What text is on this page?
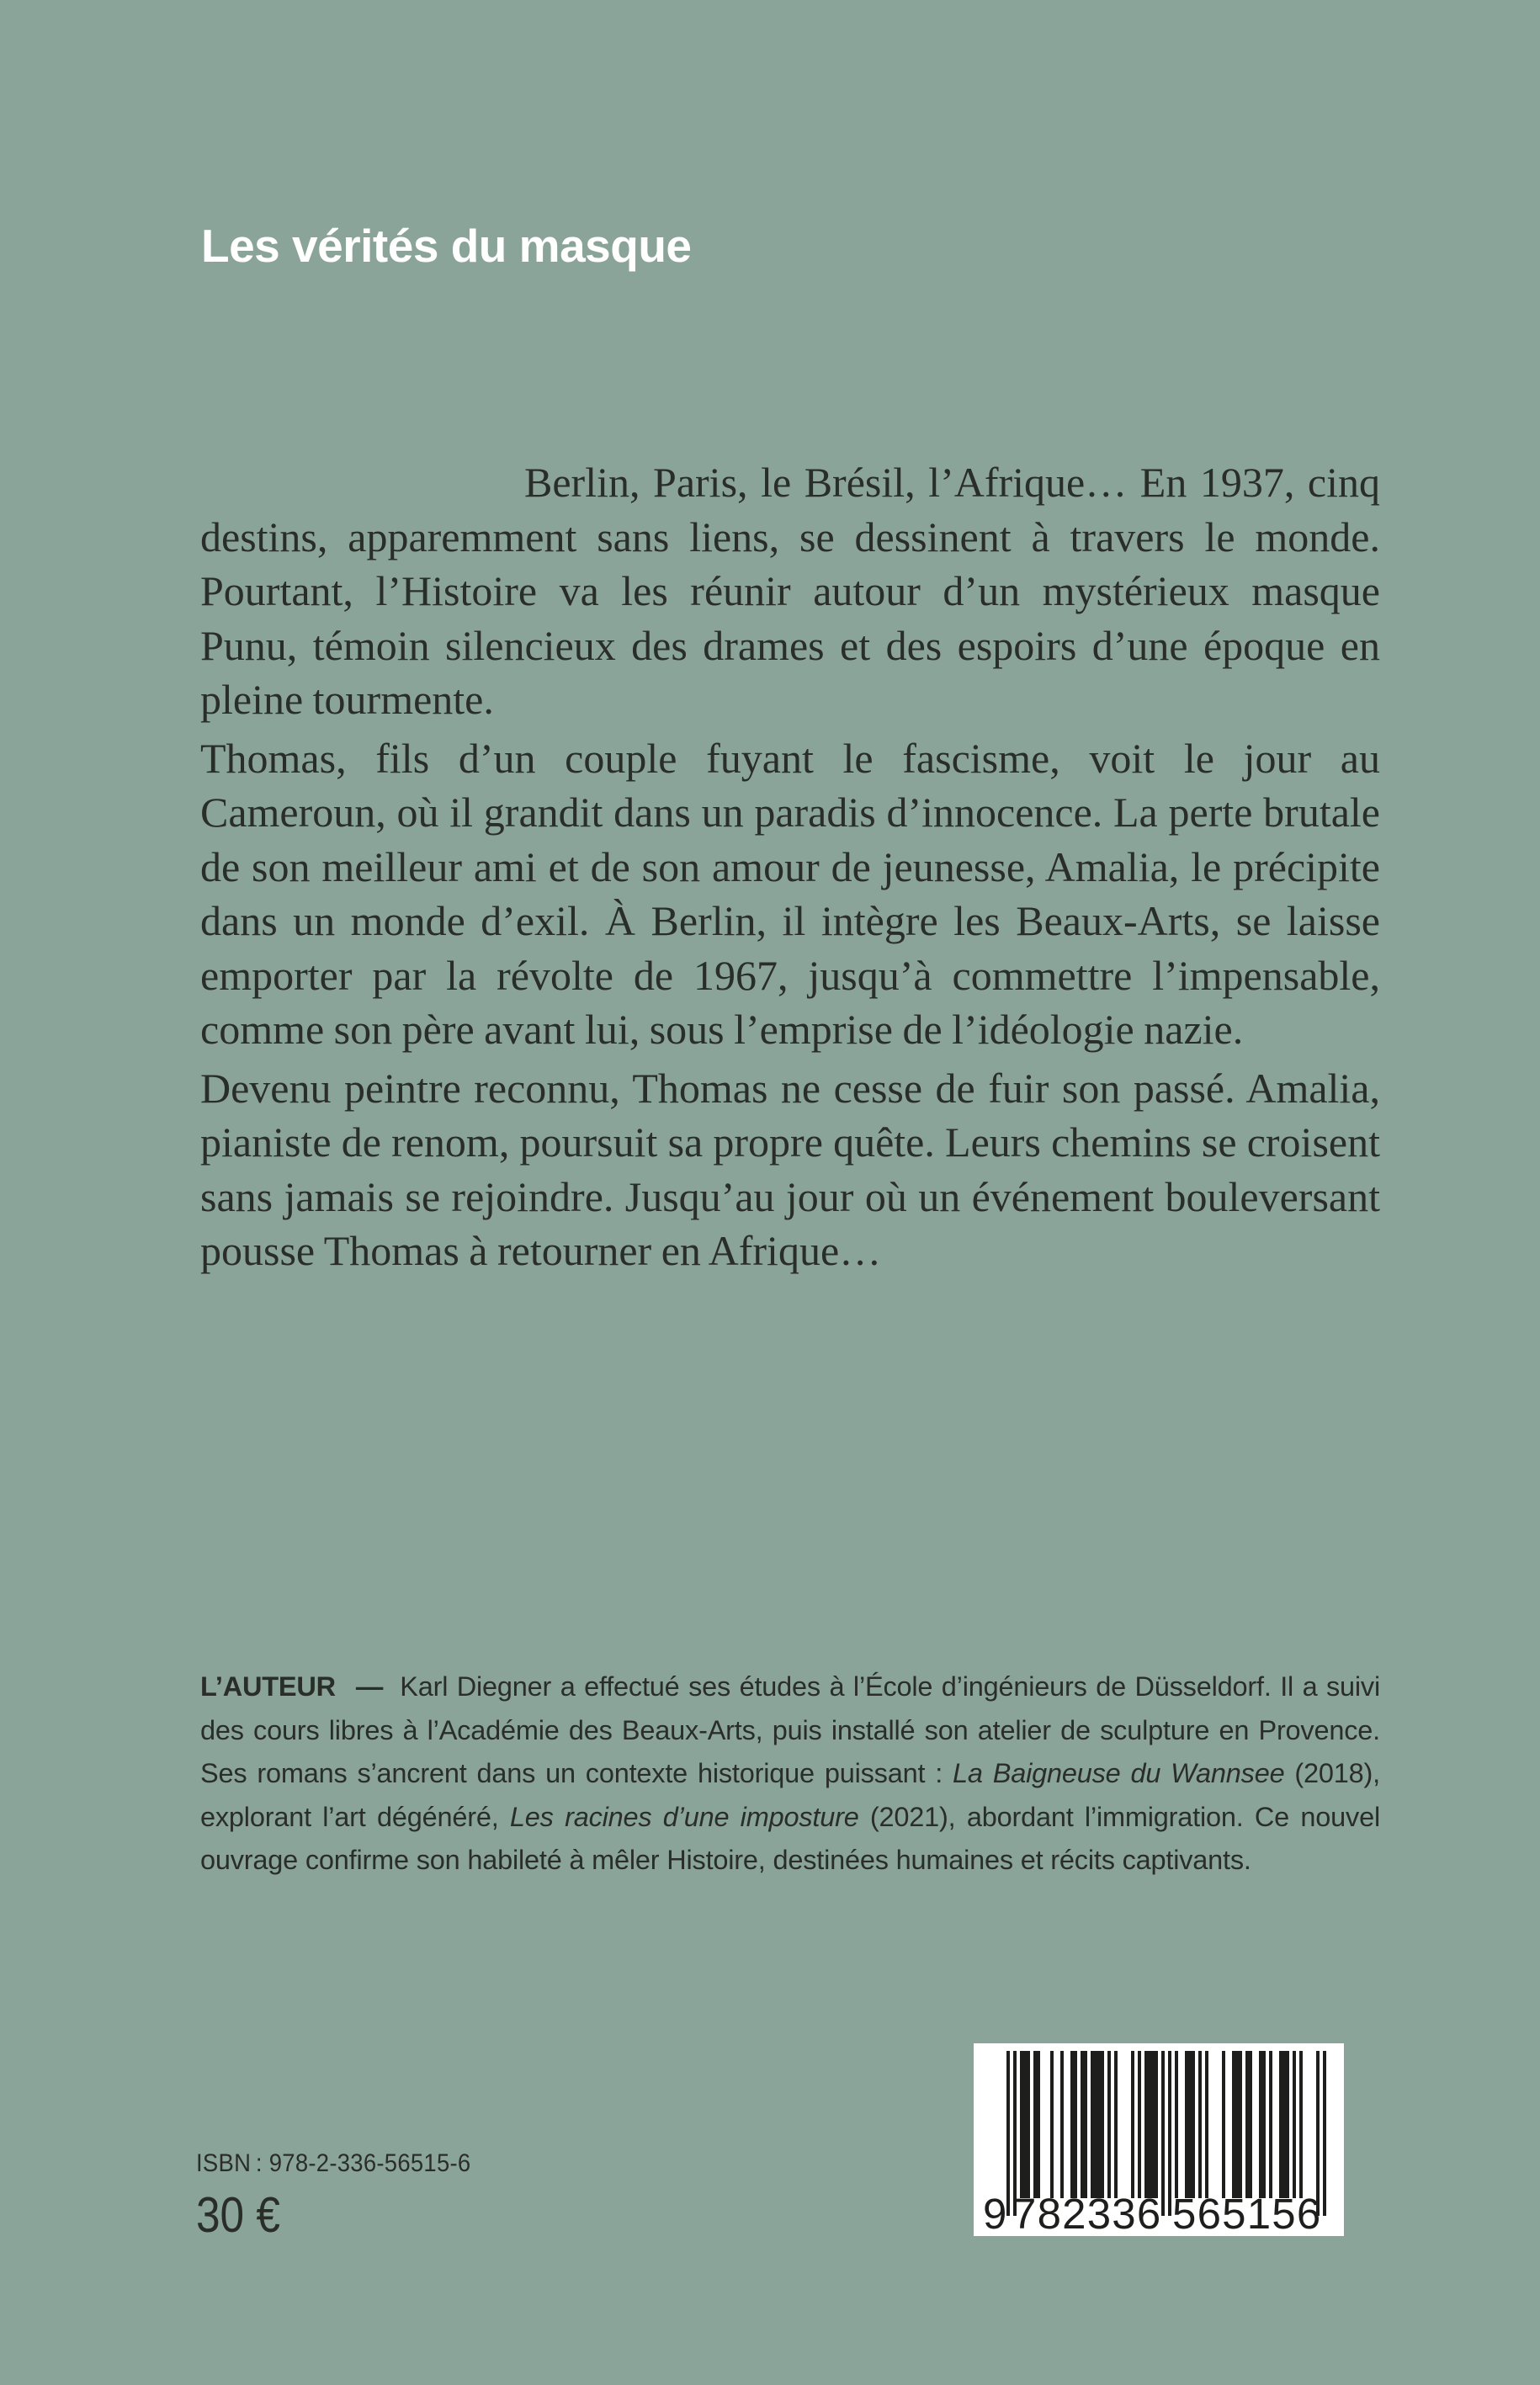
Les vérités du masque

Berlin, Paris, le Brésil, l’Afrique… En 1937, cinq destins, apparemment sans liens, se dessinent à travers le monde. Pourtant, l’Histoire va les réunir autour d’un mystérieux masque Punu, témoin silencieux des drames et des espoirs d’une époque en pleine tourmente.

Thomas, fils d’un couple fuyant le fascisme, voit le jour au Cameroun, où il grandit dans un paradis d’innocence. La perte brutale de son meilleur ami et de son amour de jeunesse, Amalia, le précipite dans un monde d’exil. À Berlin, il intègre les Beaux-Arts, se laisse emporter par la révolte de 1967, jusqu’à commettre l’impensable, comme son père avant lui, sous l’emprise de l’idéologie nazie.

Devenu peintre reconnu, Thomas ne cesse de fuir son passé. Amalia, pianiste de renom, poursuit sa propre quête. Leurs chemins se croisent sans jamais se rejoindre. Jusqu’au jour où un événement bouleversant pousse Thomas à retourner en Afrique…

L’AUTEUR — Karl Diegner a effectué ses études à l’École d’ingénieurs de Düsseldorf. Il a suivi des cours libres à l’Académie des Beaux-Arts, puis installé son atelier de sculpture en Provence. Ses romans s’ancrent dans un contexte historique puissant : La Baigneuse du Wannsee (2018), explorant l’art dégénéré, Les racines d’une imposture (2021), abordant l’immigration. Ce nouvel ouvrage confirme son habileté à mêler Histoire, destinées humaines et récits captivants.

ISBN : 978-2-336-56515-6
30 €	9 782336 565156
